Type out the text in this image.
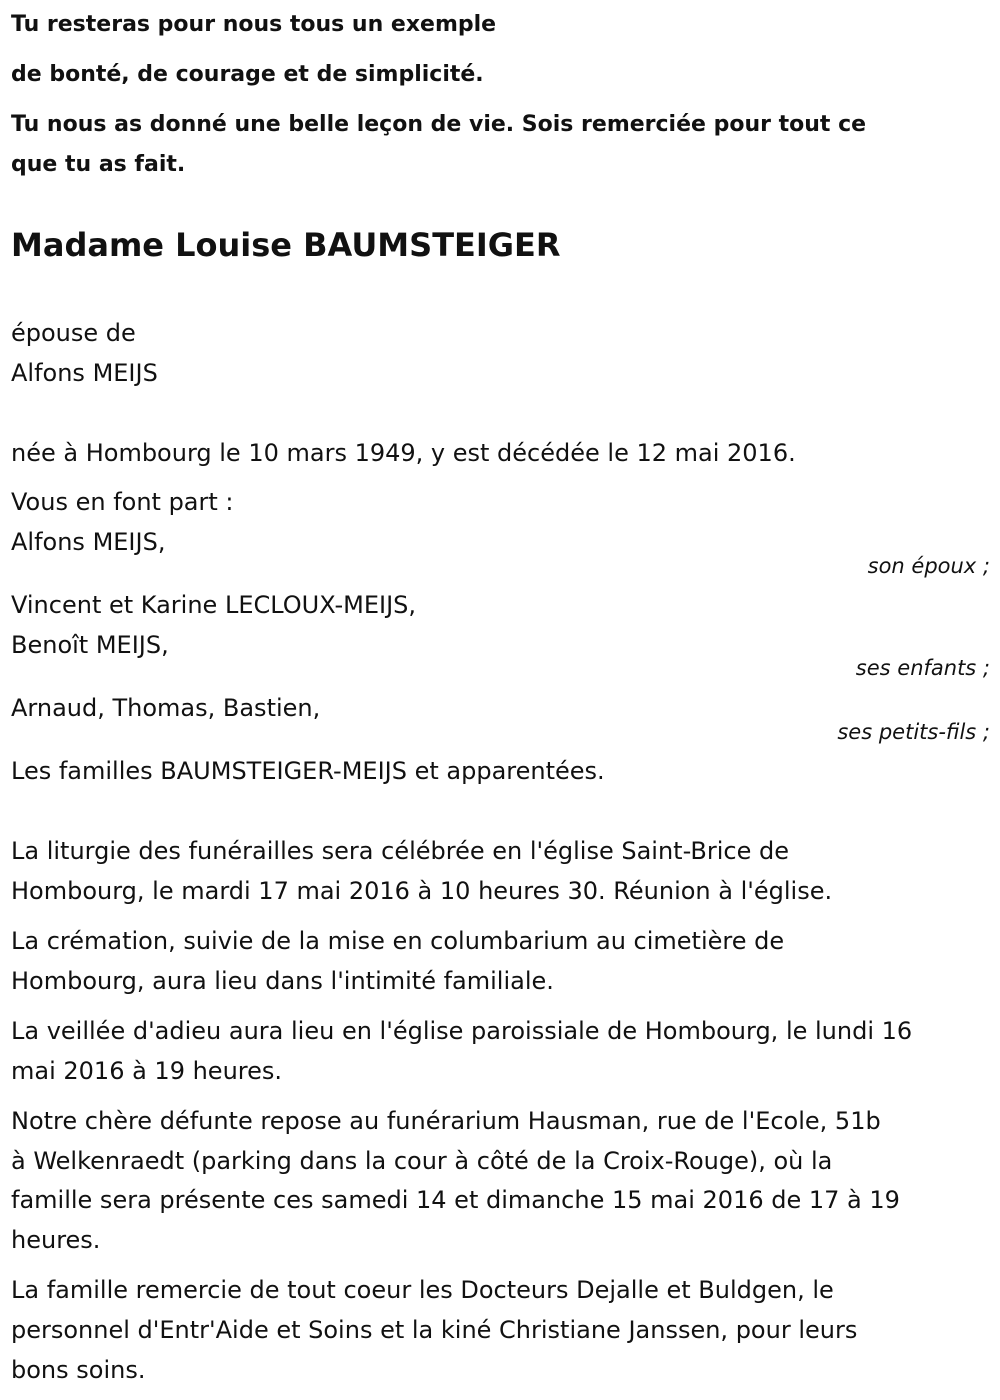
Tu resteras pour nous tous un exemple
de bonté, de courage et de simplicité.
Tu nous as donné une belle leçon de vie. Sois remerciée pour tout ce
que tu as fait.
Madame Louise BAUMSTEIGER
épouse de
Alfons MEIJS
née à Hombourg le 10 mars 1949, y est décédée le 12 mai 2016.
Vous en font part :
Alfons MEIJS,
son époux ;
Vincent et Karine LECLOUX-MEIJS,
Benoît MEIJS,
ses enfants ;
Arnaud, Thomas, Bastien,
ses petits-fils ;
Les familles BAUMSTEIGER-MEIJS et apparentées.
La liturgie des funérailles sera célébrée en l'église Saint-Brice de
Hombourg, le mardi 17 mai 2016 à 10 heures 30. Réunion à l'église.
La crémation, suivie de la mise en columbarium au cimetière de
Hombourg, aura lieu dans l'intimité familiale.
La veillée d'adieu aura lieu en l'église paroissiale de Hombourg, le lundi 16
mai 2016 à 19 heures.
Notre chère défunte repose au funérarium Hausman, rue de l'Ecole, 51b
à Welkenraedt (parking dans la cour à côté de la Croix-Rouge), où la
famille sera présente ces samedi 14 et dimanche 15 mai 2016 de 17 à 19
heures.
La famille remercie de tout coeur les Docteurs Dejalle et Buldgen, le
personnel d'Entr'Aide et Soins et la kiné Christiane Janssen, pour leurs
bons soins.
